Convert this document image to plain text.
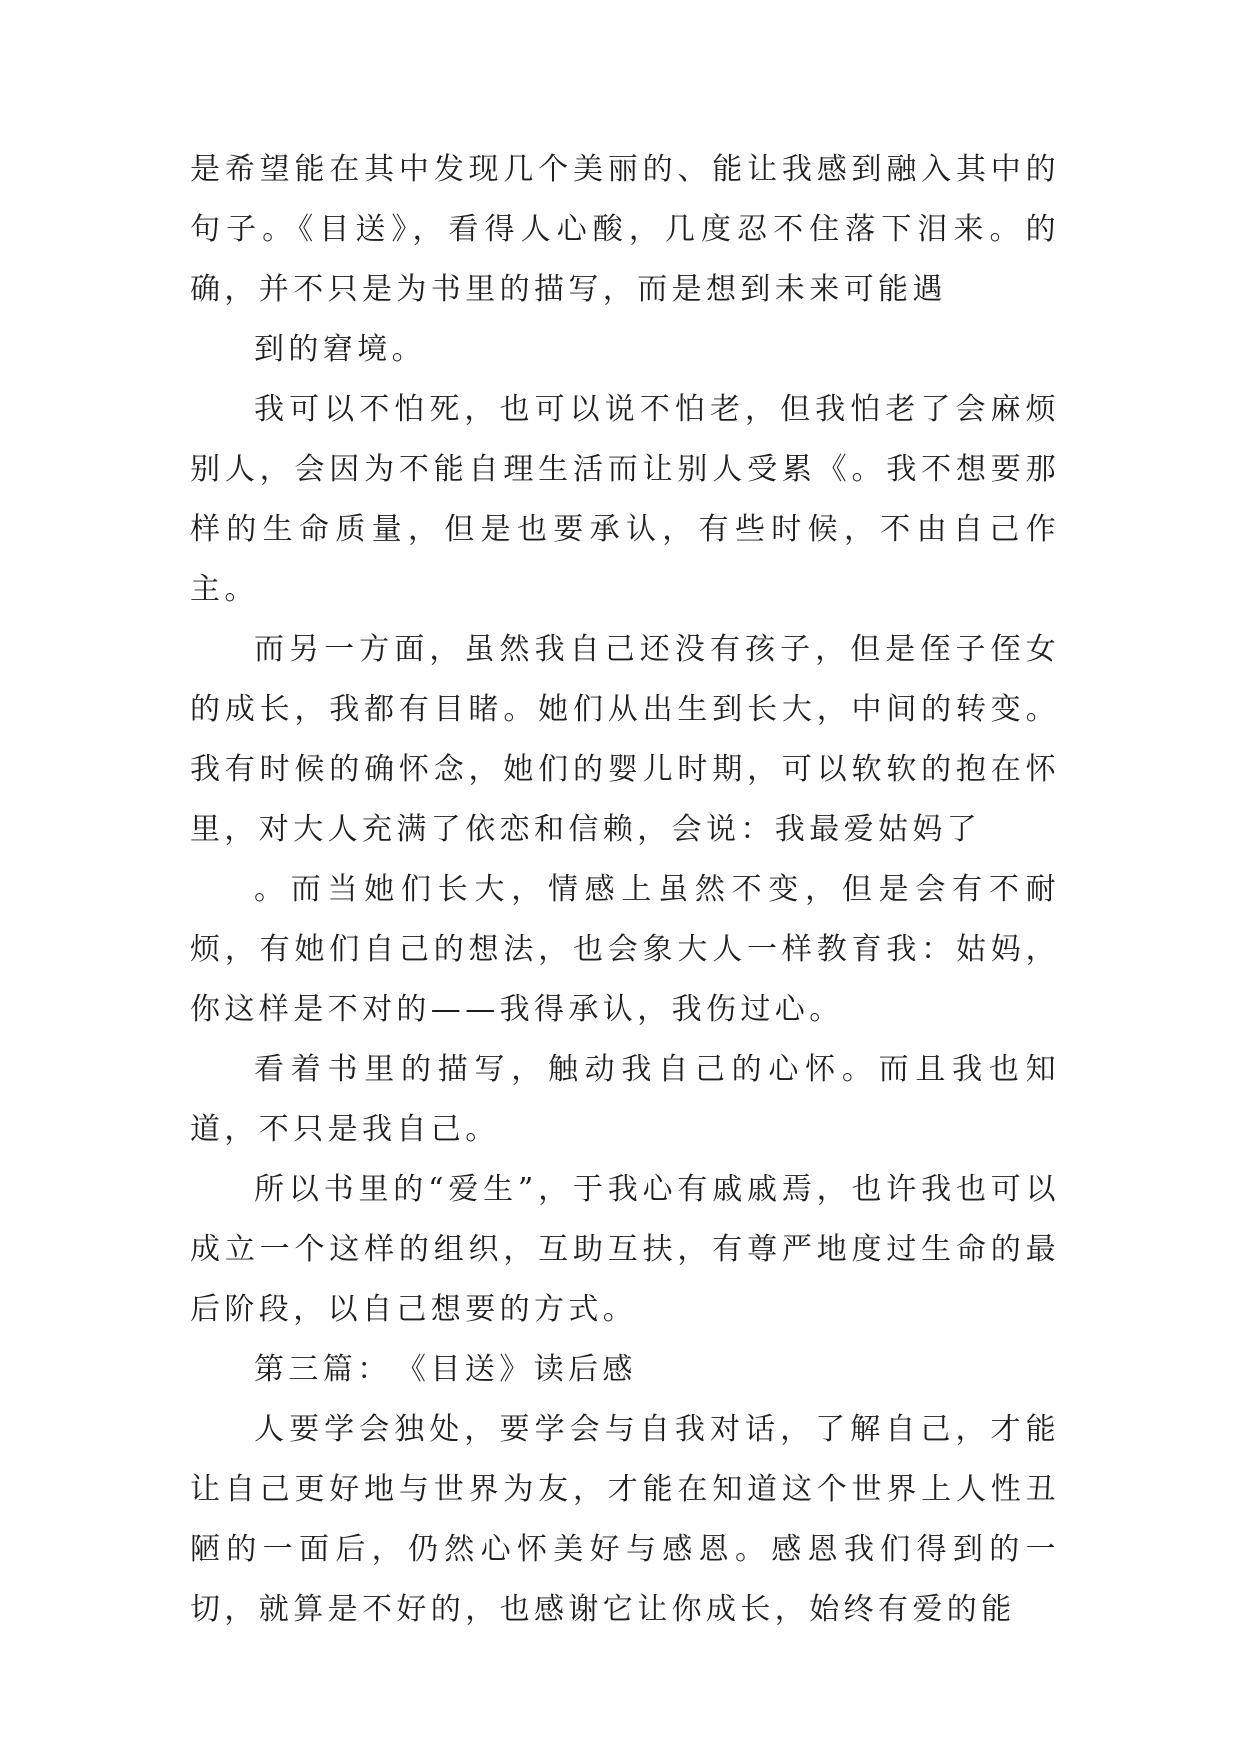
是希望能在其中发现几个美丽的、能让我感到融入其中的句子。《目送》，看得人心酸，几度忍不住落下泪来。的确，并不只是为书里的描写，而是想到未来可能遇

到的窘境。

我可以不怕死，也可以说不怕老，但我怕老了会麻烦别人，会因为不能自理生活而让别人受累《。我不想要那样的生命质量，但是也要承认，有些时候，不由自己作主。

而另一方面，虽然我自己还没有孩子，但是侄子侄女的成长，我都有目睹。她们从出生到长大，中间的转变。我有时候的确怀念，她们的婴儿时期，可以软软的抱在怀里，对大人充满了依恋和信赖，会说：我最爱姑妈了

。而当她们长大，情感上虽然不变，但是会有不耐烦，有她们自己的想法，也会象大人一样教育我：姑妈，你这样是不对的——我得承认，我伤过心。

看着书里的描写，触动我自己的心怀。而且我也知道，不只是我自己。

所以书里的“爱生”，于我心有戚戚焉，也许我也可以成立一个这样的组织，互助互扶，有尊严地度过生命的最后阶段，以自己想要的方式。

第三篇：　《目送》读后感

人要学会独处，要学会与自我对话，了解自己，才能让自己更好地与世界为友，才能在知道这个世界上人性丑陋的一面后，仍然心怀美好与感恩。感恩我们得到的一切，就算是不好的，也感谢它让你成长，始终有爱的能
